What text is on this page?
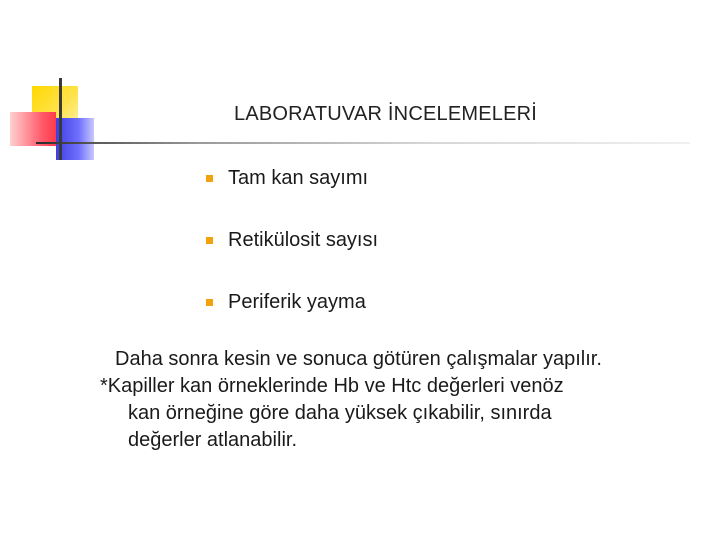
LABORATUVAR İNCELEMELERİ
Tam kan sayımı
Retikülosit sayısı
Periferik yayma
Daha sonra kesin ve sonuca götüren çalışmalar yapılır.
*Kapiller kan örneklerinde Hb ve Htc değerleri venöz
kan örneğine göre daha yüksek çıkabilir, sınırda
değerler atlanabilir.
